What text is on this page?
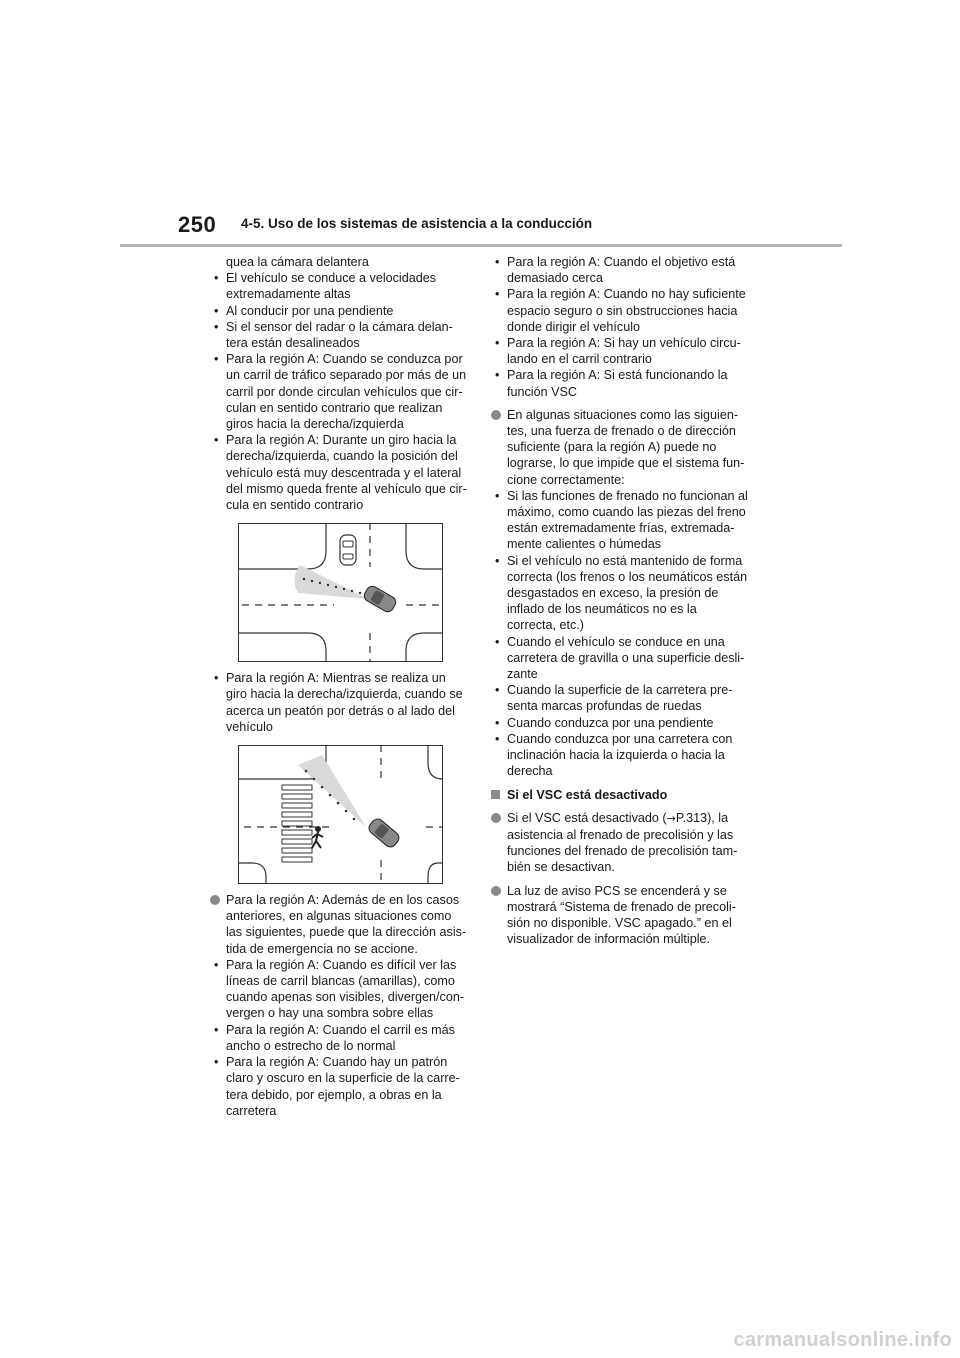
250 4-5. Uso de los sistemas de asistencia a la conducción
quea la cámara delantera
• El vehículo se conduce a velocidades
extremadamente altas
• Al conducir por una pendiente
• Si el sensor del radar o la cámara delan-
tera están desalineados
• Para la región A: Cuando se conduzca por
un carril de tráfico separado por más de un
carril por donde circulan vehículos que cir-
culan en sentido contrario que realizan
giros hacia la derecha/izquierda
• Para la región A: Durante un giro hacia la
derecha/izquierda, cuando la posición del
vehículo está muy descentrada y el lateral
del mismo queda frente al vehículo que cir-
cula en sentido contrario
• Para la región A: Mientras se realiza un
giro hacia la derecha/izquierda, cuando se
acerca un peatón por detrás o al lado del
vehículo
Para la región A: Además de en los casos
anteriores, en algunas situaciones como
las siguientes, puede que la dirección asis-
tida de emergencia no se accione.
• Para la región A: Cuando es difícil ver las
líneas de carril blancas (amarillas), como
cuando apenas son visibles, divergen/con-
vergen o hay una sombra sobre ellas
• Para la región A: Cuando el carril es más
ancho o estrecho de lo normal
• Para la región A: Cuando hay un patrón
claro y oscuro en la superficie de la carre-
tera debido, por ejemplo, a obras en la
carretera
• Para la región A: Cuando el objetivo está
demasiado cerca
• Para la región A: Cuando no hay suficiente
espacio seguro o sin obstrucciones hacia
donde dirigir el vehículo
• Para la región A: Si hay un vehículo circu-
lando en el carril contrario
• Para la región A: Si está funcionando la
función VSC
En algunas situaciones como las siguien-
tes, una fuerza de frenado o de dirección
suficiente (para la región A) puede no
lograrse, lo que impide que el sistema fun-
cione correctamente:
• Si las funciones de frenado no funcionan al
máximo, como cuando las piezas del freno
están extremadamente frías, extremada-
mente calientes o húmedas
• Si el vehículo no está mantenido de forma
correcta (los frenos o los neumáticos están
desgastados en exceso, la presión de
inflado de los neumáticos no es la
correcta, etc.)
• Cuando el vehículo se conduce en una
carretera de gravilla o una superficie desli-
zante
• Cuando la superficie de la carretera pre-
senta marcas profundas de ruedas
• Cuando conduzca por una pendiente
• Cuando conduzca por una carretera con
inclinación hacia la izquierda o hacia la
derecha
Si el VSC está desactivado
Si el VSC está desactivado (→P.313), la
asistencia al frenado de precolisión y las
funciones del frenado de precolisión tam-
bién se desactivan.
La luz de aviso PCS se encenderá y se
mostrará “Sistema de frenado de precoli-
sión no disponible. VSC apagado.” en el
visualizador de información múltiple.
carmanualsonline.info
